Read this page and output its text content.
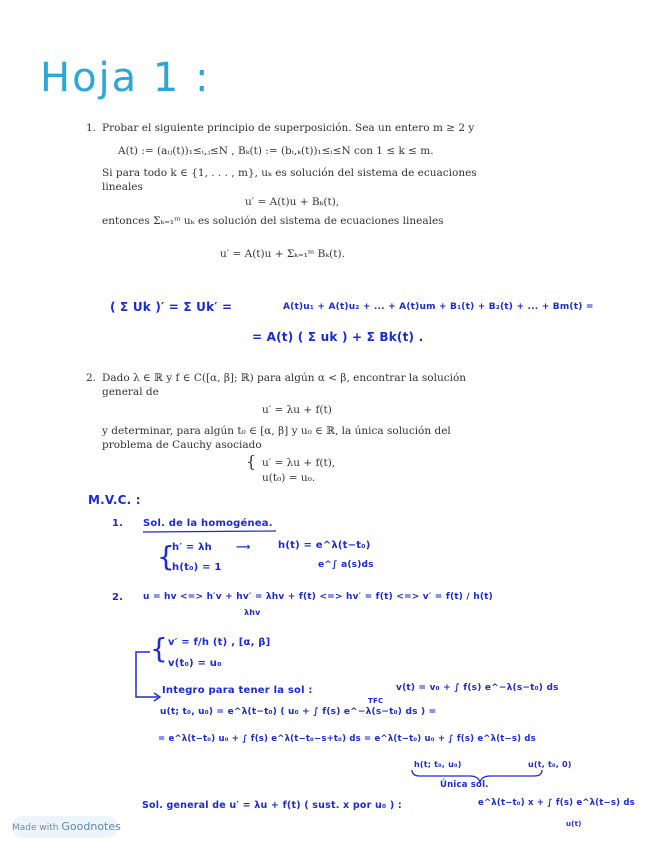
Hoja 1 :
1. Probar el siguiente principio de superposición. Sea un entero m ≥ 2 y
A(t) := (aᵢⱼ(t))₁≤ᵢ,ⱼ≤N , Bₖ(t) := (bᵢ,ₖ(t))₁≤ᵢ≤N con 1 ≤ k ≤ m.
Si para todo k ∈ {1, . . . , m}, uₖ es solución del sistema de ecuaciones
lineales
u′ = A(t)u + Bₖ(t),
entonces Σₖ₌₁ᵐ uₖ es solución del sistema de ecuaciones lineales
u′ = A(t)u + Σₖ₌₁ᵐ Bₖ(t).
( Σ Uk )′ = Σ Uk′ =	A(t)u₁ + A(t)u₂ + ... + A(t)um + B₁(t) + B₂(t) + ... + Bm(t) =
= A(t) ( Σ uk ) + Σ Bk(t) .
2. Dado λ ∈ ℝ y f ∈ C([α, β]; ℝ) para algún α < β, encontrar la solución
general de
u′ = λu + f(t)
y determinar, para algún t₀ ∈ [α, β] y u₀ ∈ ℝ, la única solución del
problema de Cauchy asociado
{ u′ = λu + f(t),
u(t₀) = u₀.
M.V.C. :
1. Sol. de la homogénea.
{
h′ = λh
h(t₀) = 1
⟶	h(t) = e^λ(t−t₀)
e^∫ a(s)ds
2. u = hv <=> h′v + hv′ = λhv + f(t) <=> hv′ = f(t) <=> v′ = f(t) / h(t)
λhv
{ v′ = f/h (t) , [α, β]
v(t₀) = u₀
Integro para tener la sol :	v(t) = v₀ + ∫ f(s) e^−λ(s−t₀) ds
TFC
u(t; t₀, u₀) = e^λ(t−t₀) ( u₀ + ∫ f(s) e^−λ(s−t₀) ds ) =
= e^λ(t−t₀) u₀ + ∫ f(s) e^λ(t−t₀−s+t₀) ds = e^λ(t−t₀) u₀ + ∫ f(s) e^λ(t−s) ds
h(t; t₀, u₀)	u(t, t₀, 0)
Única sol.
Sol. general de u′ = λu + f(t) ( sust. x por u₀ ) :	e^λ(t−t₀) x + ∫ f(s) e^λ(t−s) ds
u(t)
Made with Goodnotes
